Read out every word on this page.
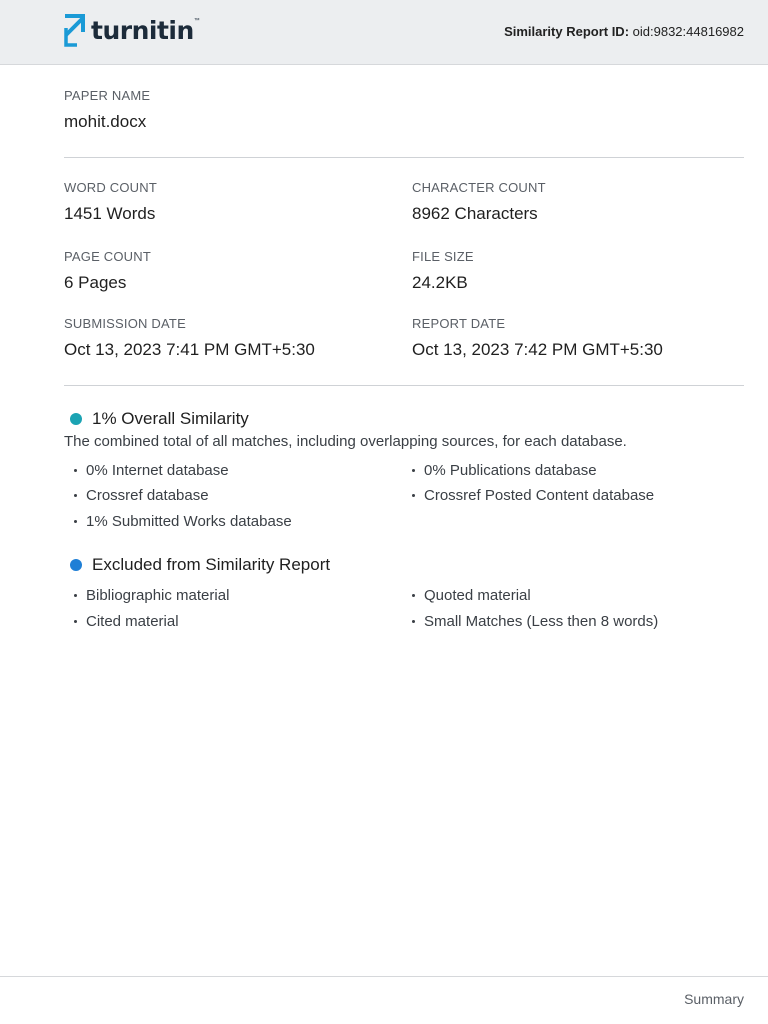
turnitin ™
Similarity Report ID: oid:9832:44816982
PAPER NAME
mohit.docx
WORD COUNT
1451 Words
CHARACTER COUNT
8962 Characters
PAGE COUNT
6 Pages
FILE SIZE
24.2KB
SUBMISSION DATE
Oct 13, 2023 7:41 PM GMT+5:30
REPORT DATE
Oct 13, 2023 7:42 PM GMT+5:30
1% Overall Similarity
The combined total of all matches, including overlapping sources, for each database.
0% Internet database
Crossref database
1% Submitted Works database
0% Publications database
Crossref Posted Content database
Excluded from Similarity Report
Bibliographic material
Cited material
Quoted material
Small Matches (Less then 8 words)
Summary
